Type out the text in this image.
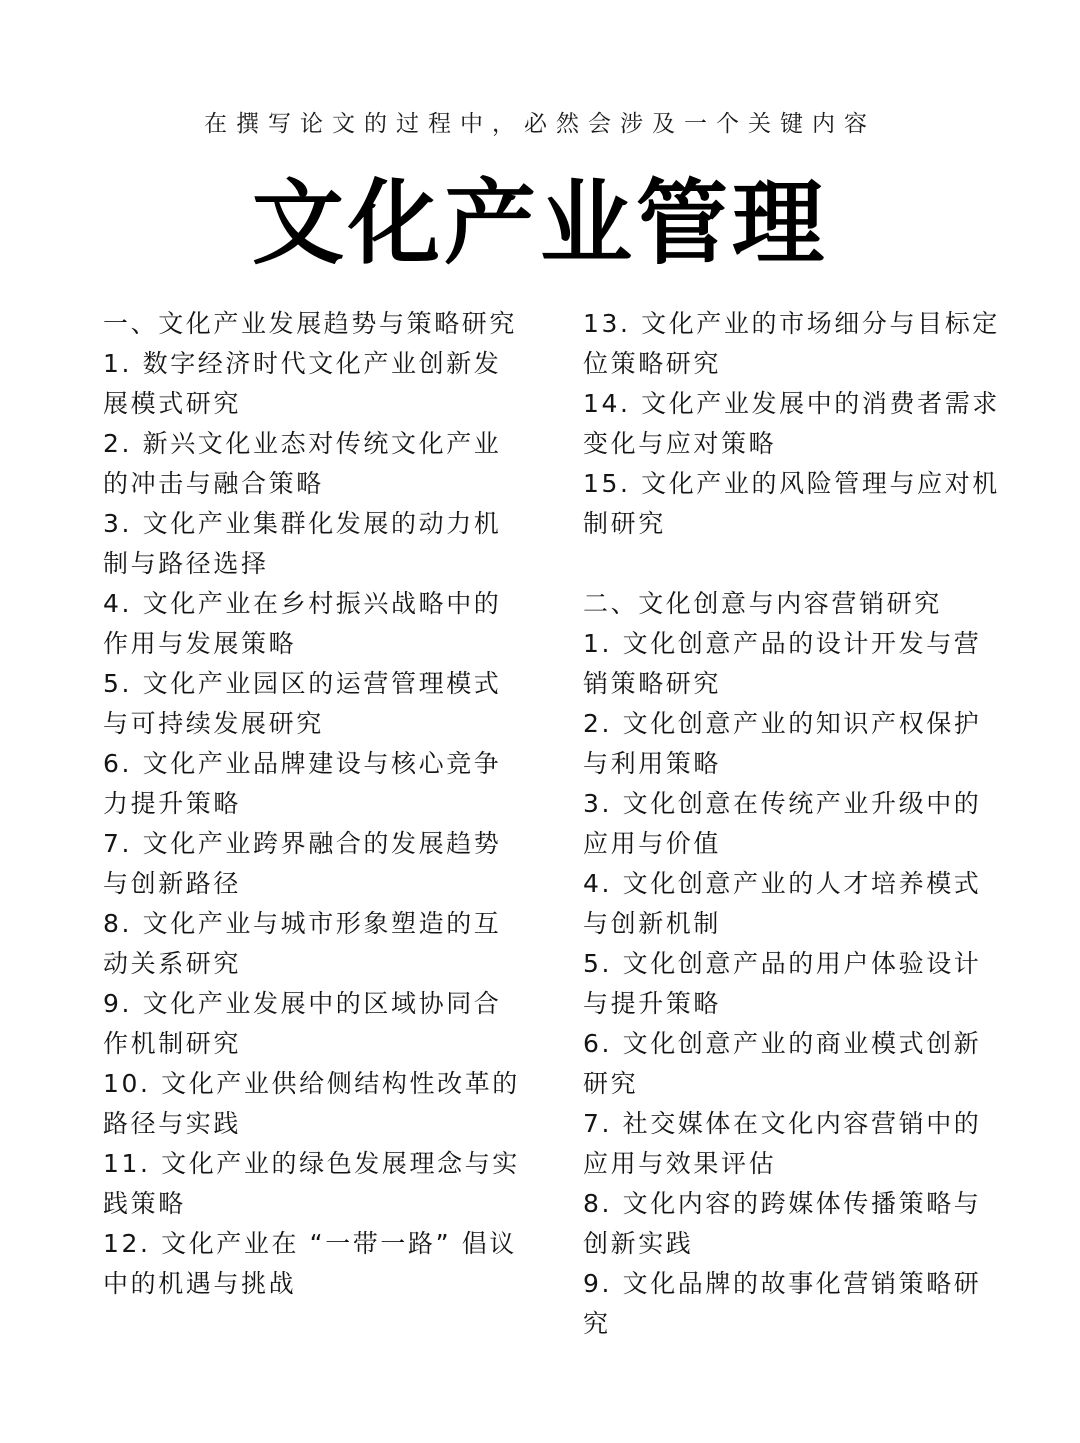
在撰写论文的过程中，必然会涉及一个关键内容
文化产业管理

一、文化产业发展趋势与策略研究

1. 数字经济时代文化产业创新发展模式研究

2. 新兴文化业态对传统文化产业的冲击与融合策略

3. 文化产业集群化发展的动力机制与路径选择

4. 文化产业在乡村振兴战略中的作用与发展策略

5. 文化产业园区的运营管理模式与可持续发展研究

6. 文化产业品牌建设与核心竞争力提升策略

7. 文化产业跨界融合的发展趋势与创新路径

8. 文化产业与城市形象塑造的互动关系研究

9. 文化产业发展中的区域协同合作机制研究

10. 文化产业供给侧结构性改革的路径与实践

11. 文化产业的绿色发展理念与实践策略

12. 文化产业在 “一带一路” 倡议中的机遇与挑战

13. 文化产业的市场细分与目标定位策略研究

14. 文化产业发展中的消费者需求变化与应对策略

15. 文化产业的风险管理与应对机制研究

二、文化创意与内容营销研究

1. 文化创意产品的设计开发与营销策略研究

2. 文化创意产业的知识产权保护与利用策略

3. 文化创意在传统产业升级中的应用与价值

4. 文化创意产业的人才培养模式与创新机制

5. 文化创意产品的用户体验设计与提升策略

6. 文化创意产业的商业模式创新研究

7. 社交媒体在文化内容营销中的应用与效果评估

8. 文化内容的跨媒体传播策略与创新实践

9. 文化品牌的故事化营销策略研究
